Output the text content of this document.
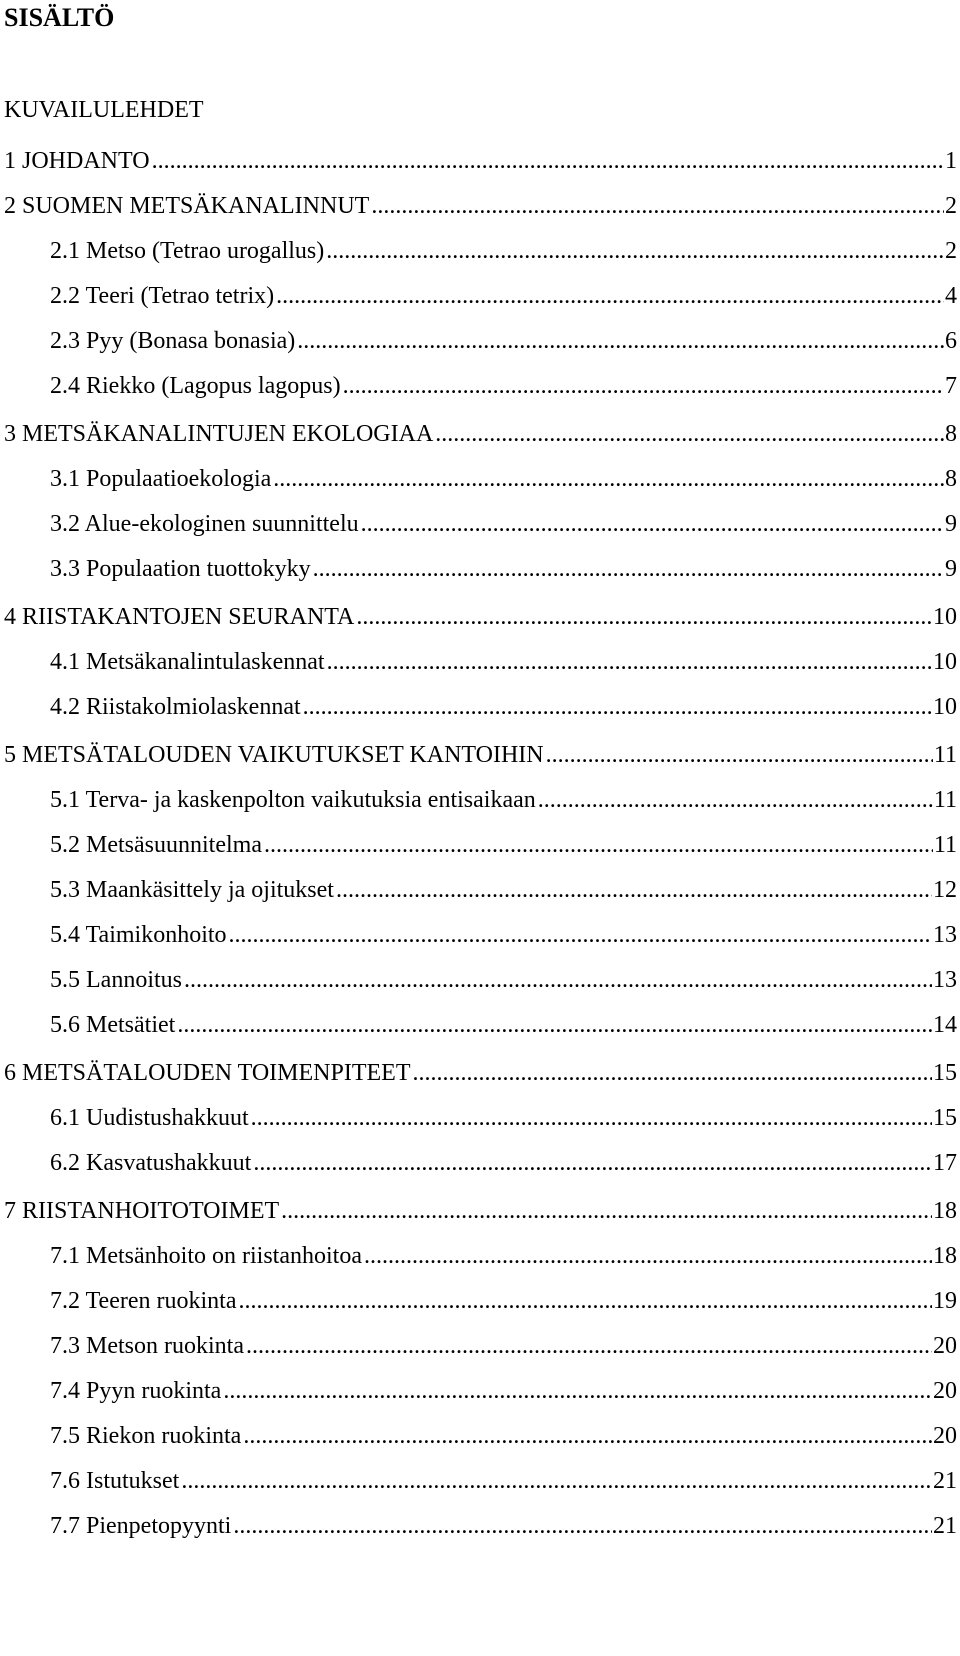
SISÄLTÖ
KUVAILULEHDET
1 JOHDANTO .....	1
2 SUOMEN METSÄKANALINNUT .....	2
2.1 Metso (Tetrao urogallus) .....	2
2.2 Teeri (Tetrao tetrix) .....	4
2.3 Pyy (Bonasa bonasia) .....	6
2.4 Riekko (Lagopus lagopus) .....	7
3 METSÄKANALINTUJEN EKOLOGIAA .....	8
3.1 Populaatioekologia .....	8
3.2 Alue-ekologinen suunnittelu .....	9
3.3 Populaation tuottokyky .....	9
4 RIISTAKANTOJEN SEURANTA .....	10
4.1 Metsäkanalintulaskennat .....	10
4.2 Riistakolmiolaskennat .....	10
5 METSÄTALOUDEN VAIKUTUKSET KANTOIHIN .....	11
5.1 Terva- ja kaskenpolton vaikutuksia entisaikaan .....	11
5.2 Metsäsuunnitelma .....	11
5.3 Maankäsittely ja ojitukset .....	12
5.4 Taimikonhoito .....	13
5.5 Lannoitus .....	13
5.6 Metsätiet .....	14
6 METSÄTALOUDEN TOIMENPITEET .....	15
6.1 Uudistushakkuut .....	15
6.2 Kasvatushakkuut .....	17
7 RIISTANHOITOTOIMET .....	18
7.1 Metsänhoito on riistanhoitoa .....	18
7.2 Teeren ruokinta .....	19
7.3 Metson ruokinta .....	20
7.4 Pyyn ruokinta .....	20
7.5 Riekon ruokinta .....	20
7.6 Istutukset .....	21
7.7 Pienpetopyynti .....	21
